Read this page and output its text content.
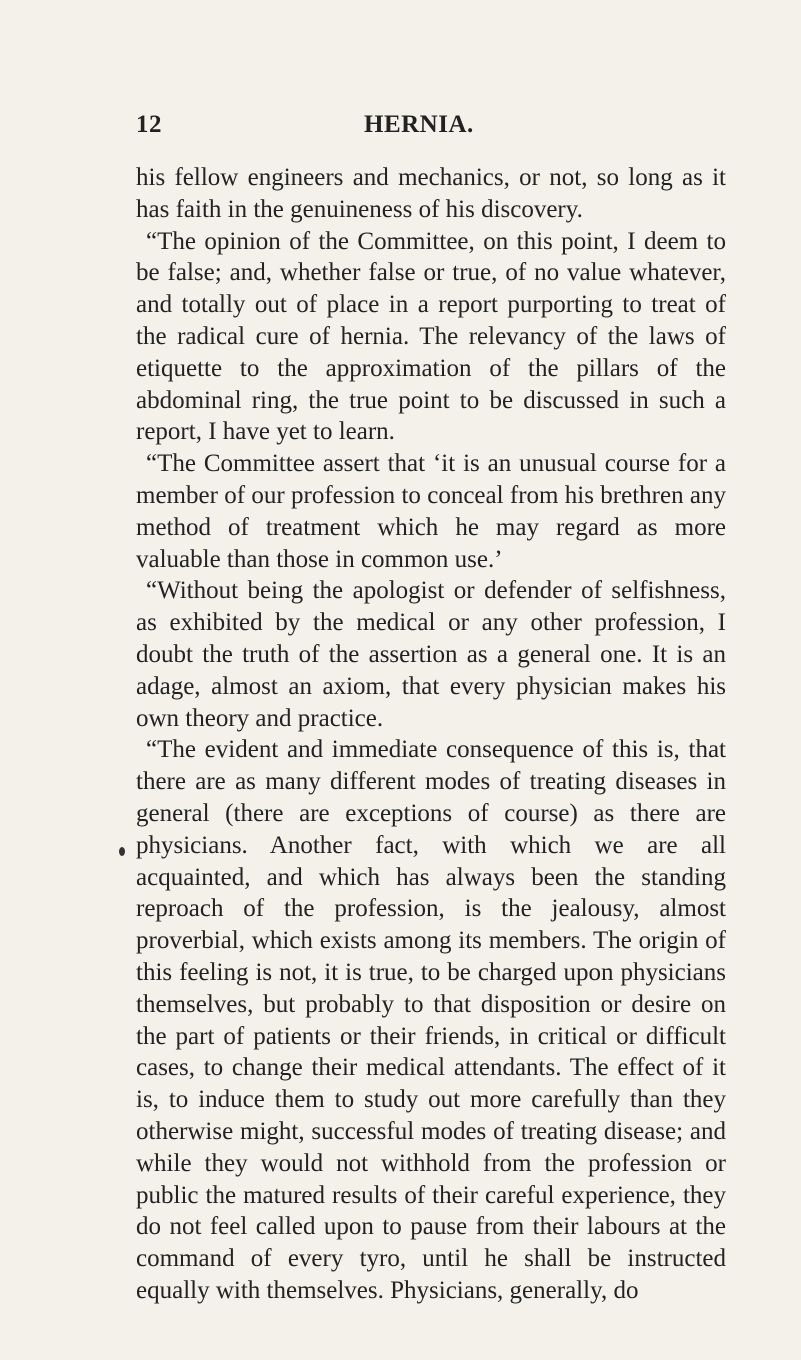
12	HERNIA.

his fellow engineers and mechanics, or not, so long as it has faith in the genuineness of his discovery.

“The opinion of the Committee, on this point, I deem to be false; and, whether false or true, of no value whatever, and totally out of place in a report purporting to treat of the radical cure of hernia. The relevancy of the laws of etiquette to the approximation of the pillars of the abdominal ring, the true point to be discussed in such a report, I have yet to learn.

“The Committee assert that ‘it is an unusual course for a member of our profession to conceal from his brethren any method of treatment which he may regard as more valuable than those in common use.’

“Without being the apologist or defender of selfishness, as exhibited by the medical or any other profession, I doubt the truth of the assertion as a general one. It is an adage, almost an axiom, that every physician makes his own theory and practice.

“The evident and immediate consequence of this is, that there are as many different modes of treating diseases in general (there are exceptions of course) as there are physicians. Another fact, with which we are all acquainted, and which has always been the standing reproach of the profession, is the jealousy, almost proverbial, which exists among its members. The origin of this feeling is not, it is true, to be charged upon physicians themselves, but probably to that disposition or desire on the part of patients or their friends, in critical or difficult cases, to change their medical attendants. The effect of it is, to induce them to study out more carefully than they otherwise might, successful modes of treating disease; and while they would not withhold from the profession or public the matured results of their careful experience, they do not feel called upon to pause from their labours at the command of every tyro, until he shall be instructed equally with themselves. Physicians, generally, do
